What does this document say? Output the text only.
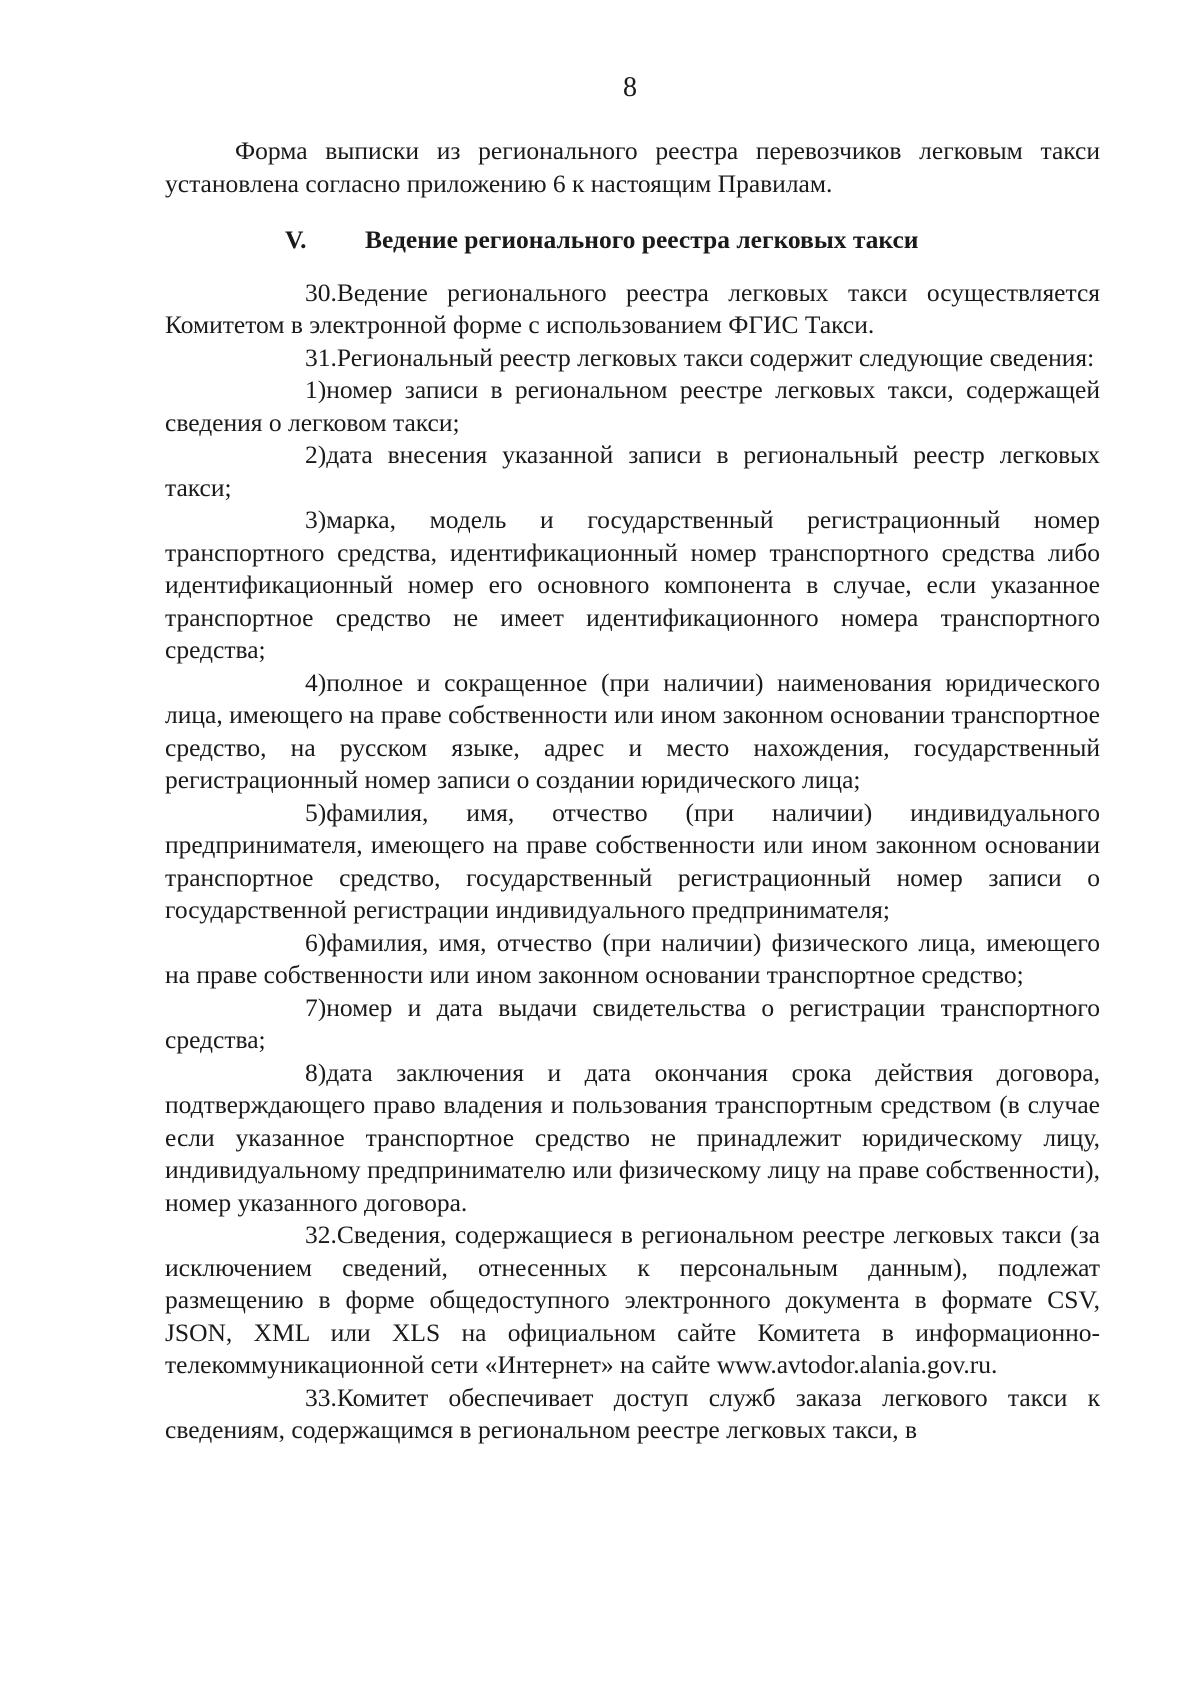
8

Форма выписки из регионального реестра перевозчиков легковым такси установлена согласно приложению 6 к настоящим Правилам.

V. Ведение регионального реестра легковых такси

30.Ведение регионального реестра легковых такси осуществляется Комитетом в электронной форме с использованием ФГИС Такси.

31.Региональный реестр легковых такси содержит следующие сведения:

1)номер записи в региональном реестре легковых такси, содержащей сведения о легковом такси;

2)дата внесения указанной записи в региональный реестр легковых такси;

3)марка, модель и государственный регистрационный номер транспортного средства, идентификационный номер транспортного средства либо идентификационный номер его основного компонента в случае, если указанное транспортное средство не имеет идентификационного номера транспортного средства;

4)полное и сокращенное (при наличии) наименования юридического лица, имеющего на праве собственности или ином законном основании транспортное средство, на русском языке, адрес и место нахождения, государственный регистрационный номер записи о создании юридического лица;

5)фамилия, имя, отчество (при наличии) индивидуального предпринимателя, имеющего на праве собственности или ином законном основании транспортное средство, государственный регистрационный номер записи о государственной регистрации индивидуального предпринимателя;

6)фамилия, имя, отчество (при наличии) физического лица, имеющего на праве собственности или ином законном основании транспортное средство;

7)номер и дата выдачи свидетельства о регистрации транспортного средства;

8)дата заключения и дата окончания срока действия договора, подтверждающего право владения и пользования транспортным средством (в случае если указанное транспортное средство не принадлежит юридическому лицу, индивидуальному предпринимателю или физическому лицу на праве собственности), номер указанного договора.

32.Сведения, содержащиеся в региональном реестре легковых такси (за исключением сведений, отнесенных к персональным данным), подлежат размещению в форме общедоступного электронного документа в формате CSV, JSON, XML или XLS на официальном сайте Комитета в информационно-телекоммуникационной сети «Интернет» на сайте www.avtodor.alania.gov.ru.

33.Комитет обеспечивает доступ служб заказа легкового такси к сведениям, содержащимся в региональном реестре легковых такси, в
